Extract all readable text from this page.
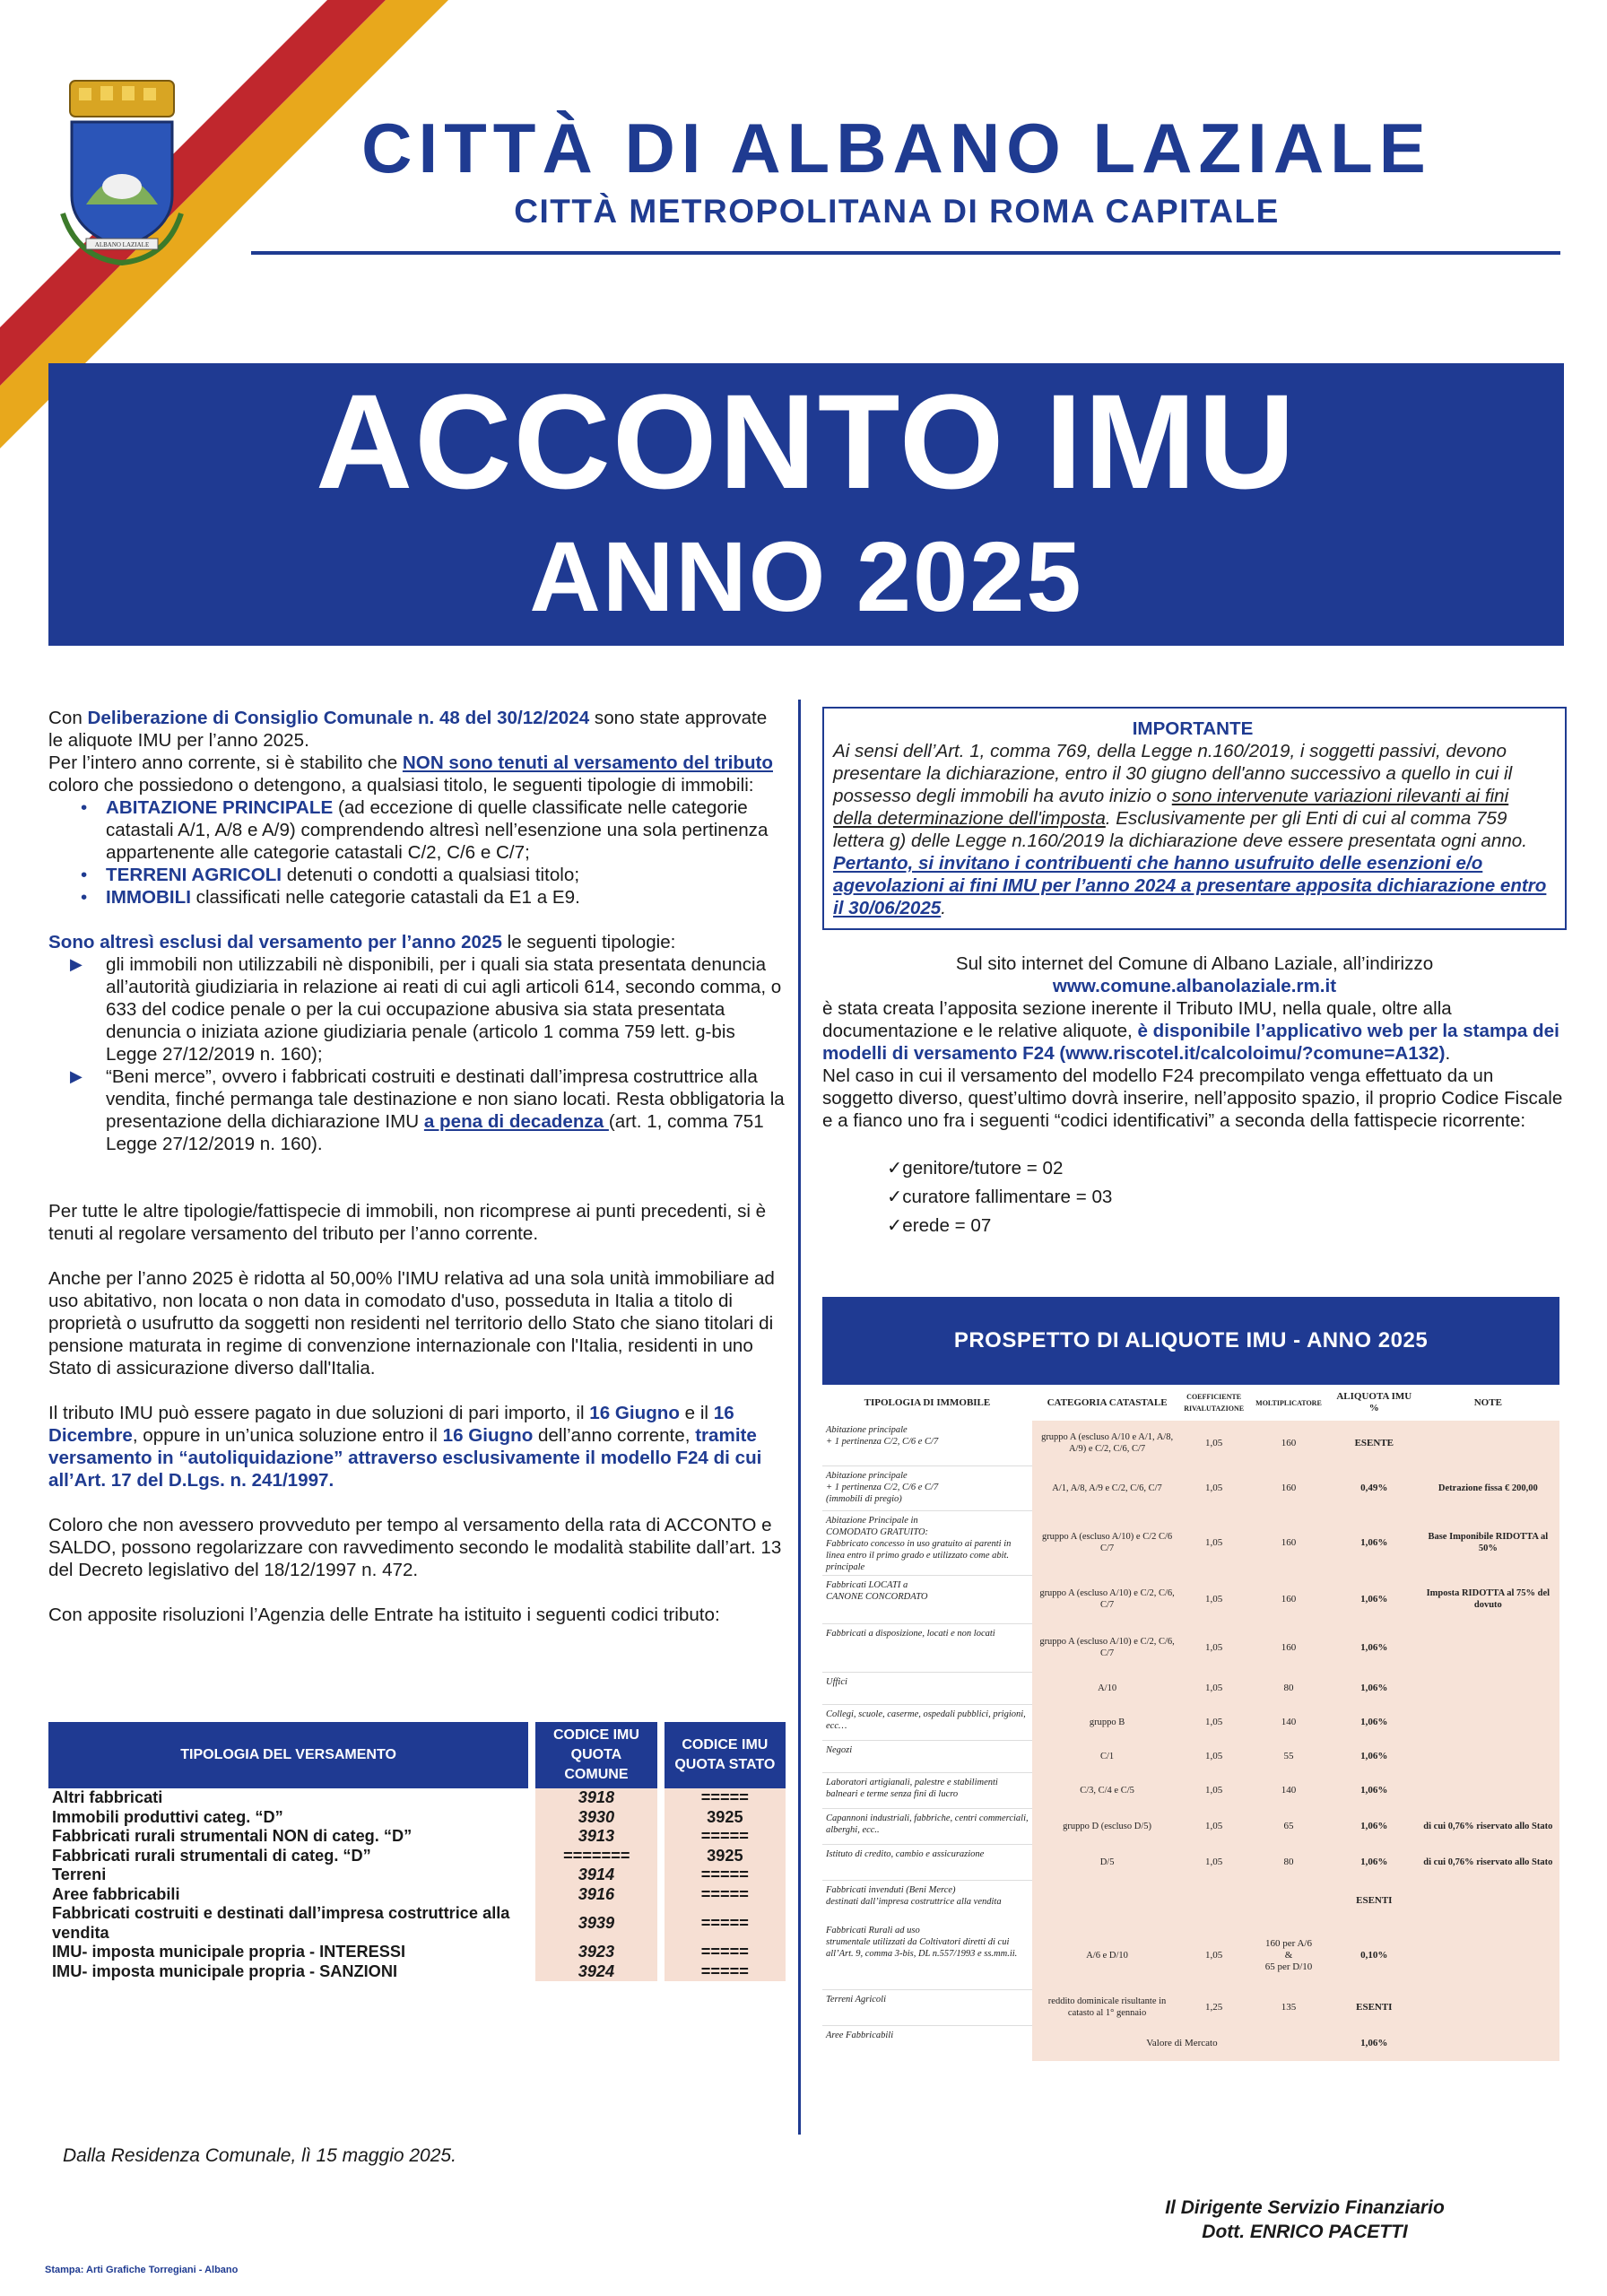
ALBANO LAZIALE
CITTÀ DI ALBANO LAZIALE
CITTÀ METROPOLITANA DI ROMA CAPITALE
ACCONTO IMU
ANNO 2025

Con Deliberazione di Consiglio Comunale n. 48 del 30/12/2024 sono state approvate le aliquote IMU per l’anno 2025.

Per l’intero anno corrente, si è stabilito che NON sono tenuti al versamento del tributo coloro che possiedono o detengono, a qualsiasi titolo, le seguenti tipologie di immobili:

• ABITAZIONE PRINCIPALE (ad eccezione di quelle classificate nelle categorie catastali A/1, A/8 e A/9) comprendendo altresì nell’esenzione una sola pertinenza appartenente alle categorie catastali C/2, C/6 e C/7;

• TERRENI AGRICOLI detenuti o condotti a qualsiasi titolo;

• IMMOBILI classificati nelle categorie catastali da E1 a E9.

Sono altresì esclusi dal versamento per l’anno 2025 le seguenti tipologie:

▶ gli immobili non utilizzabili nè disponibili, per i quali sia stata presentata denuncia all’autorità giudiziaria in relazione ai reati di cui agli articoli 614, secondo comma, o 633 del codice penale o per la cui occupazione abusiva sia stata presentata denuncia o iniziata azione giudiziaria penale (articolo 1 comma 759 lett. g-bis Legge 27/12/2019 n. 160);

▶ “Beni merce”, ovvero i fabbricati costruiti e destinati dall’impresa costruttrice alla vendita, finché permanga tale destinazione e non siano locati. Resta obbligatoria la presentazione della dichiarazione IMU a pena di decadenza (art. 1, comma 751 Legge 27/12/2019 n. 160).

Per tutte le altre tipologie/fattispecie di immobili, non ricomprese ai punti precedenti, si è tenuti al regolare versamento del tributo per l’anno corrente.

Anche per l’anno 2025 è ridotta al 50,00% l'IMU relativa ad una sola unità immobiliare ad uso abitativo, non locata o non data in comodato d'uso, posseduta in Italia a titolo di proprietà o usufrutto da soggetti non residenti nel territorio dello Stato che siano titolari di pensione maturata in regime di convenzione internazionale con l'Italia, residenti in uno Stato di assicurazione diverso dall'Italia.

Il tributo IMU può essere pagato in due soluzioni di pari importo, il 16 Giugno e il 16 Dicembre, oppure in un’unica soluzione entro il 16 Giugno dell’anno corrente, tramite versamento in “autoliquidazione” attraverso esclusivamente il modello F24 di cui all’Art. 17 del D.Lgs. n. 241/1997.

Coloro che non avessero provveduto per tempo al versamento della rata di ACCONTO e SALDO, possono regolarizzare con ravvedimento secondo le modalità stabilite dall’art. 13 del Decreto legislativo del 18/12/1997 n. 472.

Con apposite risoluzioni l’Agenzia delle Entrate ha istituito i seguenti codici tributo:

TIPOLOGIA DEL VERSAMENTO		CODICE IMU QUOTA COMUNE		CODICE IMU QUOTA STATO
Altri fabbricati		3918		=====
Immobili produttivi categ. “D”		3930		3925
Fabbricati rurali strumentali NON di categ. “D”		3913		=====
Fabbricati rurali strumentali di categ. “D”		=======		3925
Terreni		3914		=====
Aree fabbricabili		3916		=====
Fabbricati costruiti e destinati dall’impresa costruttrice alla vendita		3939		=====
IMU- imposta municipale propria - INTERESSI		3923		=====
IMU- imposta municipale propria - SANZIONI		3924		=====
IMPORTANTE
Ai sensi dell’Art. 1, comma 769, della Legge n.160/2019, i soggetti passivi, devono presentare la dichiarazione, entro il 30 giugno dell'anno successivo a quello in cui il possesso degli immobili ha avuto inizio o sono intervenute variazioni rilevanti ai fini della determinazione dell'imposta. Esclusivamente per gli Enti di cui al comma 759 lettera g) delle Legge n.160/2019 la dichiarazione deve essere presentata ogni anno. Pertanto, si invitano i contribuenti che hanno usufruito delle esenzioni e/o agevolazioni ai fini IMU per l’anno 2024 a presentare apposita dichiarazione entro il 30/06/2025.

Sul sito internet del Comune di Albano Laziale, all’indirizzo

www.comune.albanolaziale.rm.it

è stata creata l’apposita sezione inerente il Tributo IMU, nella quale, oltre alla documentazione e le relative aliquote, è disponibile l’applicativo web per la stampa dei modelli di versamento F24 (www.riscotel.it/calcoloimu/?comune=A132).

Nel caso in cui il versamento del modello F24 precompilato venga effettuato da un soggetto diverso, quest’ultimo dovrà inserire, nell’apposito spazio, il proprio Codice Fiscale e a fianco uno fra i seguenti “codici identificativi” a seconda della fattispecie ricorrente:

✓genitore/tutore = 02

✓curatore fallimentare = 03

✓erede = 07

PROSPETTO DI ALIQUOTE IMU - ANNO 2025
TIPOLOGIA DI IMMOBILE	CATEGORIA CATASTALE	COEFFICIENTE RIVALUTAZIONE	MOLTIPLICATORE	ALIQUOTA IMU %	NOTE
Abitazione principale
+ 1 pertinenza C/2, C/6 e C/7	gruppo A (escluso A/10 e A/1, A/8, A/9) e C/2, C/6, C/7	1,05	160	ESENTE	
Abitazione principale
+ 1 pertinenza C/2, C/6 e C/7
(immobili di pregio)	A/1, A/8, A/9 e C/2, C/6, C/7	1,05	160	0,49%	Detrazione fissa € 200,00
Abitazione Principale in
COMODATO GRATUITO:
Fabbricato concesso in uso gratuito ai parenti in linea entro il primo grado e utilizzato come abit. principale	gruppo A (escluso A/10) e C/2 C/6 C/7	1,05	160	1,06%	Base Imponibile RIDOTTA al 50%
Fabbricati LOCATI a
CANONE CONCORDATO	gruppo A (escluso A/10) e C/2, C/6, C/7	1,05	160	1,06%	Imposta RIDOTTA al 75% del dovuto
Fabbricati a disposizione, locati e non locati	gruppo A (escluso A/10) e C/2, C/6, C/7	1,05	160	1,06%	
Uffici	A/10	1,05	80	1,06%	
Collegi, scuole, caserme, ospedali pubblici, prigioni, ecc…	gruppo B	1,05	140	1,06%	
Negozi	C/1	1,05	55	1,06%	
Laboratori artigianali, palestre e stabilimenti balneari e terme senza fini di lucro	C/3, C/4 e C/5	1,05	140	1,06%	
Capannoni industriali, fabbriche, centri commerciali, alberghi, ecc..	gruppo D (escluso D/5)	1,05	65	1,06%	di cui 0,76% riservato allo Stato
Istituto di credito, cambio e assicurazione	D/5	1,05	80	1,06%	di cui 0,76% riservato allo Stato
Fabbricati invenduti (Beni Merce)
destinati dall’impresa costruttrice alla vendita				ESENTI	
Fabbricati Rurali ad uso
strumentale utilizzati da Coltivatori diretti di cui all’Art. 9, comma 3-bis, DL n.557/1993 e ss.mm.ii.	A/6 e D/10	1,05	160 per A/6
&
65 per D/10	0,10%	
Terreni Agricoli	reddito dominicale risultante in catasto al 1° gennaio	1,25	135	ESENTI	
Aree Fabbricabili	Valore di Mercato			1,06%	
Dalla Residenza Comunale, lì 15 maggio 2025.
Il Dirigente Servizio Finanziario
Dott. ENRICO PACETTI
Stampa: Arti Grafiche Torregiani - Albano
